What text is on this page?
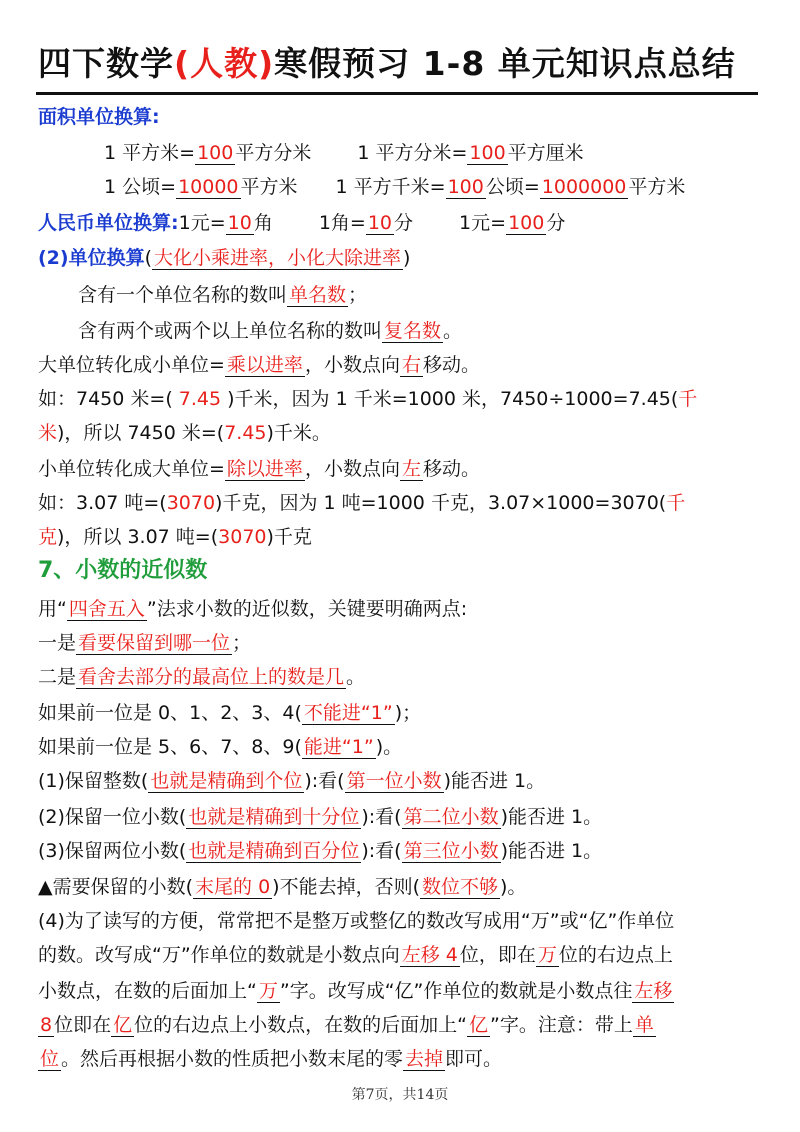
四下数学(人教)寒假预习 1-8 单元知识点总结
面积单位换算:
1 平方米= 100 平方分米 1 平方分米= 100 平方厘米
1 公顷= 10000 平方米 1 平方千米= 100 公顷= 1000000 平方米
人民币单位换算:1元= 10 角 1角= 10 分 1元= 100 分
(2)单位换算( 大化小乘进率，小化大除进率 )
含有一个单位名称的数叫 单名数 ；
含有两个或两个以上单位名称的数叫 复名数 。
大单位转化成小单位= 乘以进率 ，小数点向 右 移动。
如：7450 米=( 7.45 )千米，因为 1 千米=1000 米，7450÷1000=7.45(千
米)，所以 7450 米=(7.45)千米。
小单位转化成大单位= 除以进率 ，小数点向 左 移动。
如：3.07 吨=(3070)千克，因为 1 吨=1000 千克，3.07×1000=3070(千
克)，所以 3.07 吨=(3070)千克
7、小数的近似数
用“ 四舍五入 ”法求小数的近似数，关键要明确两点:
一是 看要保留到哪一位 ；
二是 看舍去部分的最高位上的数是几 。
如果前一位是 0、1、2、3、4( 不能进“1” )；
如果前一位是 5、6、7、8、9( 能进“1” )。
(1)保留整数( 也就是精确到个位 ):看( 第一位小数 )能否进 1。
(2)保留一位小数( 也就是精确到十分位 ):看( 第二位小数 )能否进 1。
(3)保留两位小数( 也就是精确到百分位 ):看( 第三位小数 )能否进 1。
▲需要保留的小数( 末尾的 0 )不能去掉，否则( 数位不够 )。
(4)为了读写的方便，常常把不是整万或整亿的数改写成用“万”或“亿”作单位
的数。改写成“万”作单位的数就是小数点向 左移 4 位，即在 万 位的右边点上
小数点，在数的后面加上“ 万 ”字。改写成“亿”作单位的数就是小数点往 左移
8 位即在 亿 位的右边点上小数点，在数的后面加上“ 亿 ”字。注意：带上 单
位 。然后再根据小数的性质把小数末尾的零 去掉 即可。
第7页，共14页
